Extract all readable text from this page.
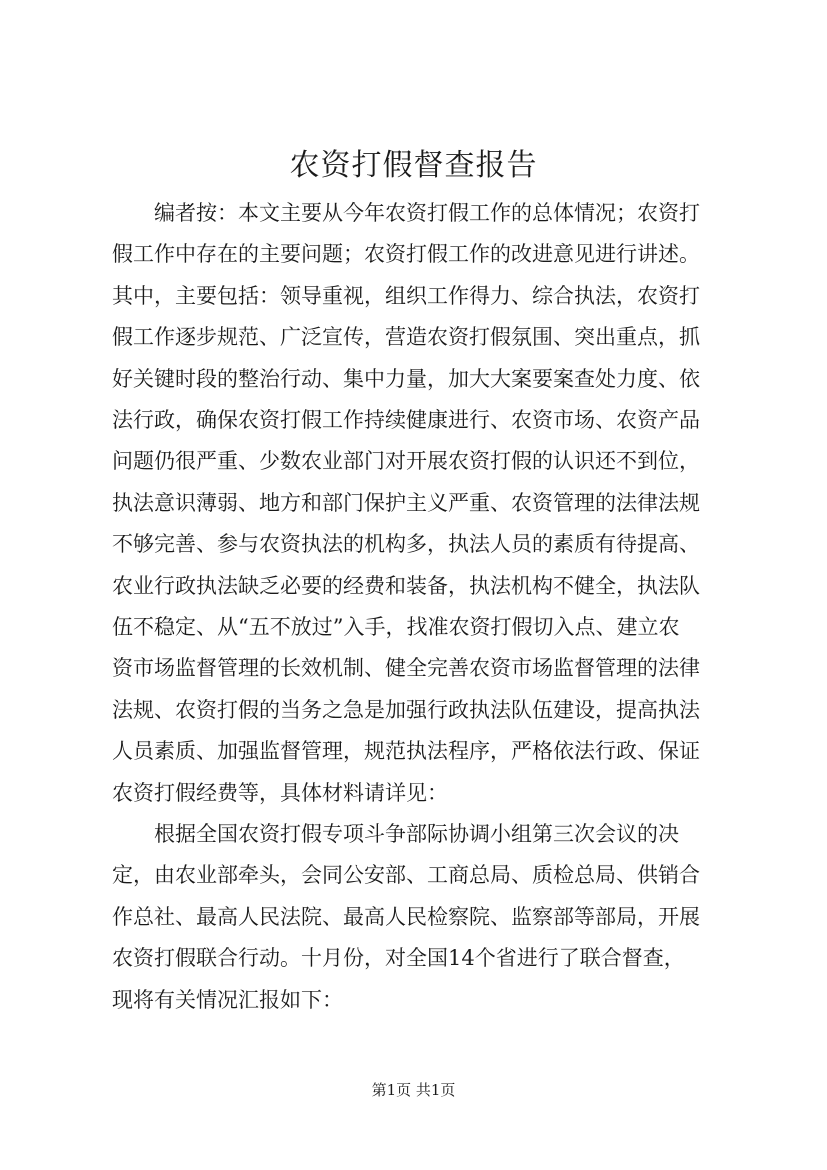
农资打假督查报告
编者按：本文主要从今年农资打假工作的总体情况；农资打
假工作中存在的主要问题；农资打假工作的改进意见进行讲述。
其中，主要包括：领导重视，组织工作得力、综合执法，农资打
假工作逐步规范、广泛宣传，营造农资打假氛围、突出重点，抓
好关键时段的整治行动、集中力量，加大大案要案查处力度、依
法行政，确保农资打假工作持续健康进行、农资市场、农资产品
问题仍很严重、少数农业部门对开展农资打假的认识还不到位，
执法意识薄弱、地方和部门保护主义严重、农资管理的法律法规
不够完善、参与农资执法的机构多，执法人员的素质有待提高、
农业行政执法缺乏必要的经费和装备，执法机构不健全，执法队
伍不稳定、从“五不放过”入手，找准农资打假切入点、建立农
资市场监督管理的长效机制、健全完善农资市场监督管理的法律
法规、农资打假的当务之急是加强行政执法队伍建设，提高执法
人员素质、加强监督管理，规范执法程序，严格依法行政、保证
农资打假经费等，具体材料请详见：
根据全国农资打假专项斗争部际协调小组第三次会议的决
定，由农业部牵头，会同公安部、工商总局、质检总局、供销合
作总社、最高人民法院、最高人民检察院、监察部等部局，开展
农资打假联合行动。十月份，对全国14个省进行了联合督查，
现将有关情况汇报如下：

第1页 共1页
